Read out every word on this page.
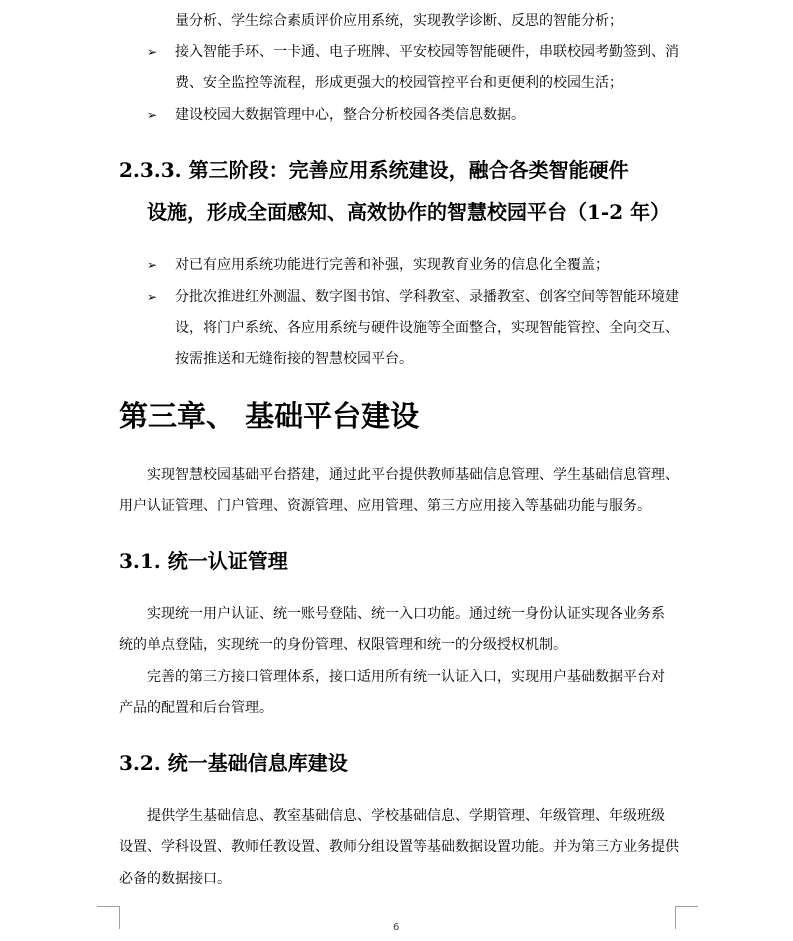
量分析、学生综合素质评价应用系统，实现教学诊断、反思的智能分析；
➢ 接入智能手环、一卡通、电子班牌、平安校园等智能硬件，串联校园考勤签到、消
费、安全监控等流程，形成更强大的校园管控平台和更便利的校园生活；
➢ 建设校园大数据管理中心，整合分析校园各类信息数据。
2.3.3. 第三阶段：完善应用系统建设，融合各类智能硬件
设施，形成全面感知、高效协作的智慧校园平台（1-2 年）
➢ 对已有应用系统功能进行完善和补强，实现教育业务的信息化全覆盖；
➢ 分批次推进红外测温、数字图书馆、学科教室、录播教室、创客空间等智能环境建
设，将门户系统、各应用系统与硬件设施等全面整合，实现智能管控、全向交互、
按需推送和无缝衔接的智慧校园平台。
第三章、 基础平台建设
实现智慧校园基础平台搭建，通过此平台提供教师基础信息管理、学生基础信息管理、
用户认证管理、门户管理、资源管理、应用管理、第三方应用接入等基础功能与服务。
3.1. 统一认证管理
实现统一用户认证、统一账号登陆、统一入口功能。通过统一身份认证实现各业务系
统的单点登陆，实现统一的身份管理、权限管理和统一的分级授权机制。
完善的第三方接口管理体系，接口适用所有统一认证入口，实现用户基础数据平台对
产品的配置和后台管理。
3.2. 统一基础信息库建设
提供学生基础信息、教室基础信息、学校基础信息、学期管理、年级管理、年级班级
设置、学科设置、教师任教设置、教师分组设置等基础数据设置功能。并为第三方业务提供
必备的数据接口。
6
